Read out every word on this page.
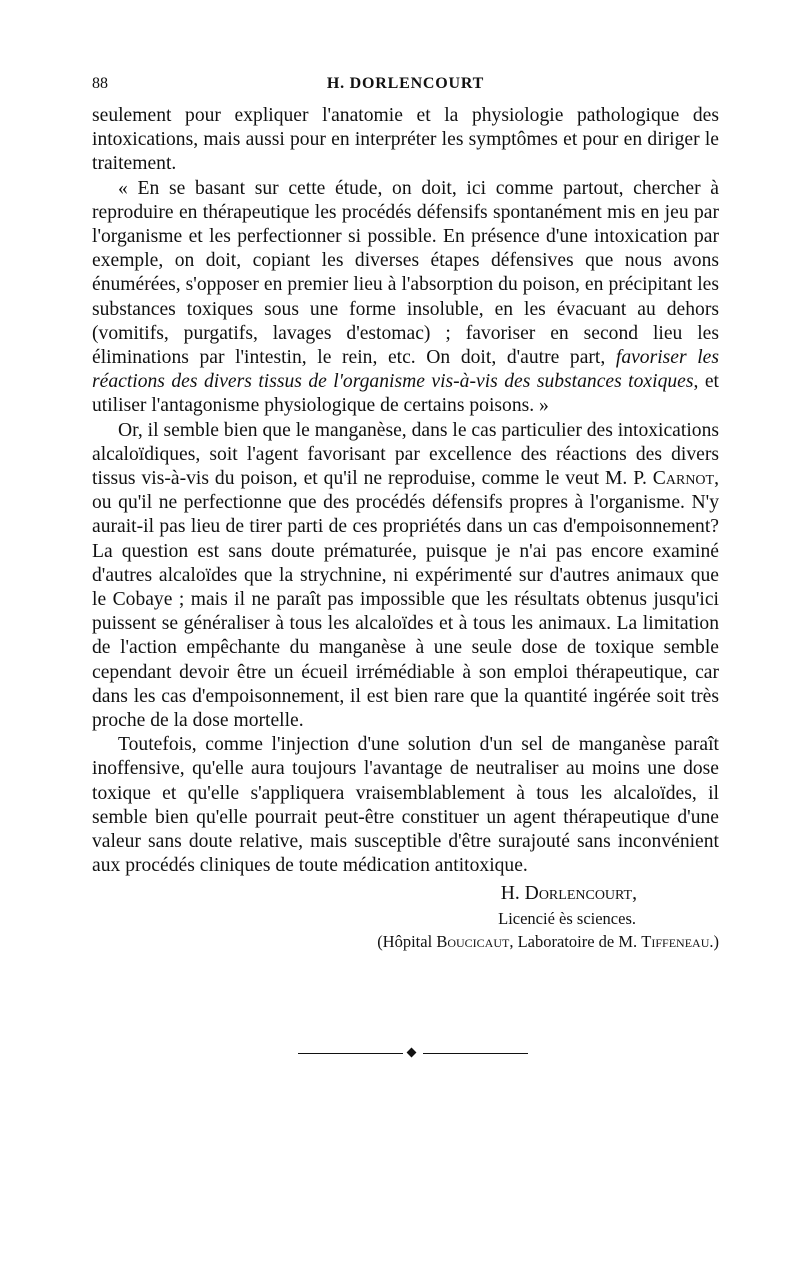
88	H. DORLENCOURT

seulement pour expliquer l'anatomie et la physiologie pathologique des intoxications, mais aussi pour en interpréter les symptômes et pour en diriger le traitement.

« En se basant sur cette étude, on doit, ici comme partout, chercher à reproduire en thérapeutique les procédés défensifs spontanément mis en jeu par l'organisme et les perfectionner si possible. En présence d'une intoxication par exemple, on doit, copiant les diverses étapes défensives que nous avons énumérées, s'opposer en premier lieu à l'absorption du poison, en précipitant les substances toxiques sous une forme insoluble, en les évacuant au dehors (vomitifs, purgatifs, lavages d'estomac) ; favoriser en second lieu les éliminations par l'intestin, le rein, etc. On doit, d'autre part, favoriser les réactions des divers tissus de l'organisme vis-à-vis des substances toxiques, et utiliser l'antagonisme physiologique de certains poisons. »

Or, il semble bien que le manganèse, dans le cas particulier des intoxications alcaloïdiques, soit l'agent favorisant par excellence des réactions des divers tissus vis-à-vis du poison, et qu'il ne reproduise, comme le veut M. P. Carnot, ou qu'il ne perfectionne que des procédés défensifs propres à l'organisme. N'y aurait-il pas lieu de tirer parti de ces propriétés dans un cas d'empoisonnement? La question est sans doute prématurée, puisque je n'ai pas encore examiné d'autres alcaloïdes que la strychnine, ni expérimenté sur d'autres animaux que le Cobaye ; mais il ne paraît pas impossible que les résultats obtenus jusqu'ici puissent se généraliser à tous les alcaloïdes et à tous les animaux. La limitation de l'action empêchante du manganèse à une seule dose de toxique semble cependant devoir être un écueil irrémédiable à son emploi thérapeutique, car dans les cas d'empoisonnement, il est bien rare que la quantité ingérée soit très proche de la dose mortelle.

Toutefois, comme l'injection d'une solution d'un sel de manganèse paraît inoffensive, qu'elle aura toujours l'avantage de neutraliser au moins une dose toxique et qu'elle s'appliquera vraisemblablement à tous les alcaloïdes, il semble bien qu'elle pourrait peut-être constituer un agent thérapeutique d'une valeur sans doute relative, mais susceptible d'être surajouté sans inconvénient aux procédés cliniques de toute médication antitoxique.

H. Dorlencourt,
Licencié ès sciences.
(Hôpital Boucicaut, Laboratoire de M. Tiffeneau.)
